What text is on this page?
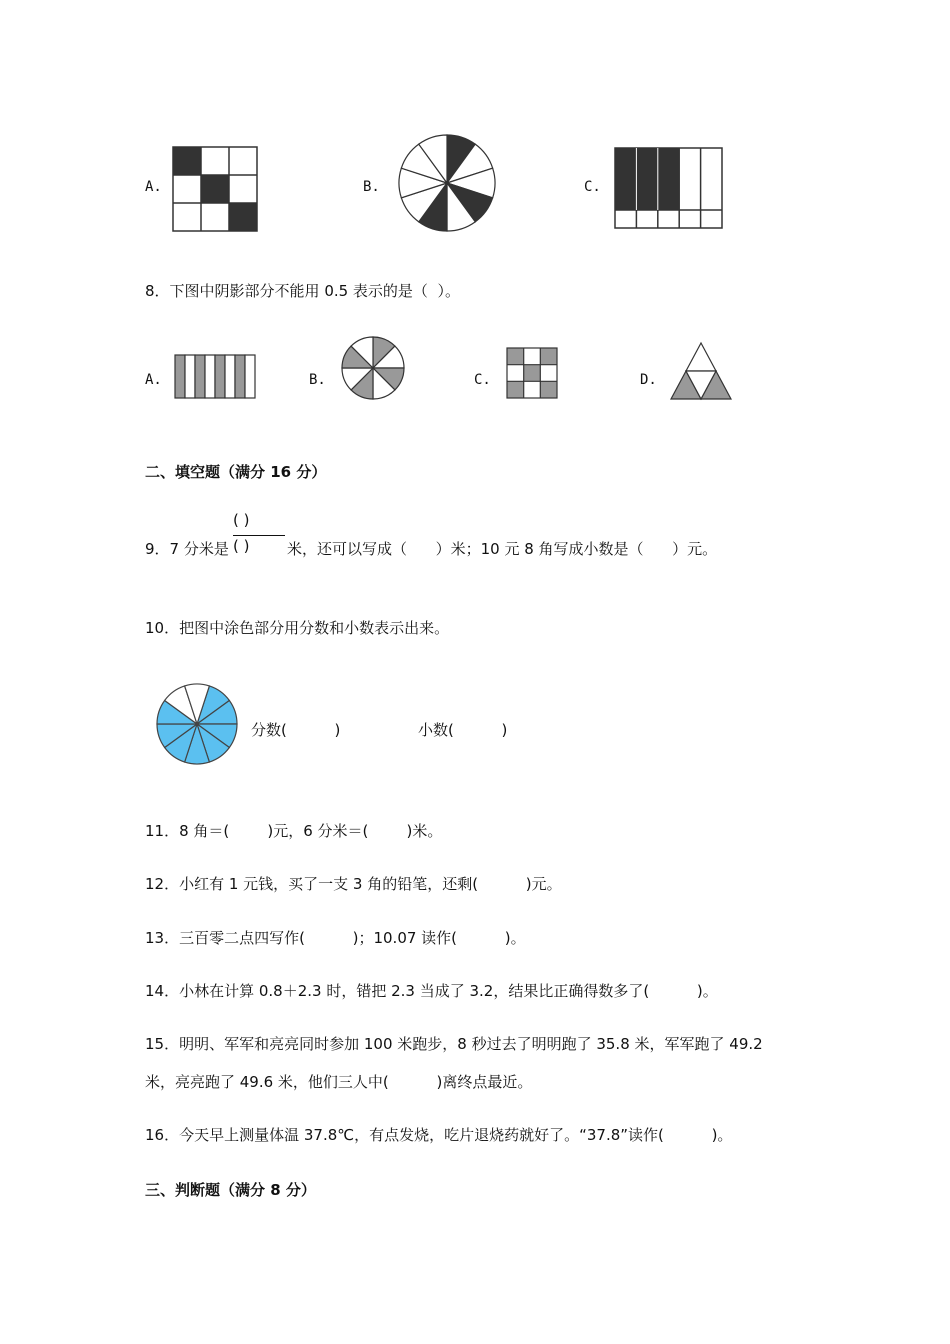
A.	B.	C.
8．下图中阴影部分不能用 0.5 表示的是（  ）。
A.	B.	C.	D.
二、填空题（满分 16 分）
9．7 分米是
( )
( )	米，还可以写成（      ）米；10 元 8 角写成小数是（      ）元。
10．把图中涂色部分用分数和小数表示出来。
分数(          )	小数(          )
11．8 角＝(        )元，6 分米＝(        )米。
12．小红有 1 元钱，买了一支 3 角的铅笔，还剩(          )元。
13．三百零二点四写作(          )；10.07 读作(          )。
14．小林在计算 0.8＋2.3 时，错把 2.3 当成了 3.2，结果比正确得数多了(          )。
15．明明、军军和亮亮同时参加 100 米跑步，8 秒过去了明明跑了 35.8 米，军军跑了 49.2
米，亮亮跑了 49.6 米，他们三人中(          )离终点最近。
16．今天早上测量体温 37.8℃，有点发烧，吃片退烧药就好了。“37.8”读作(          )。
三、判断题（满分 8 分）
